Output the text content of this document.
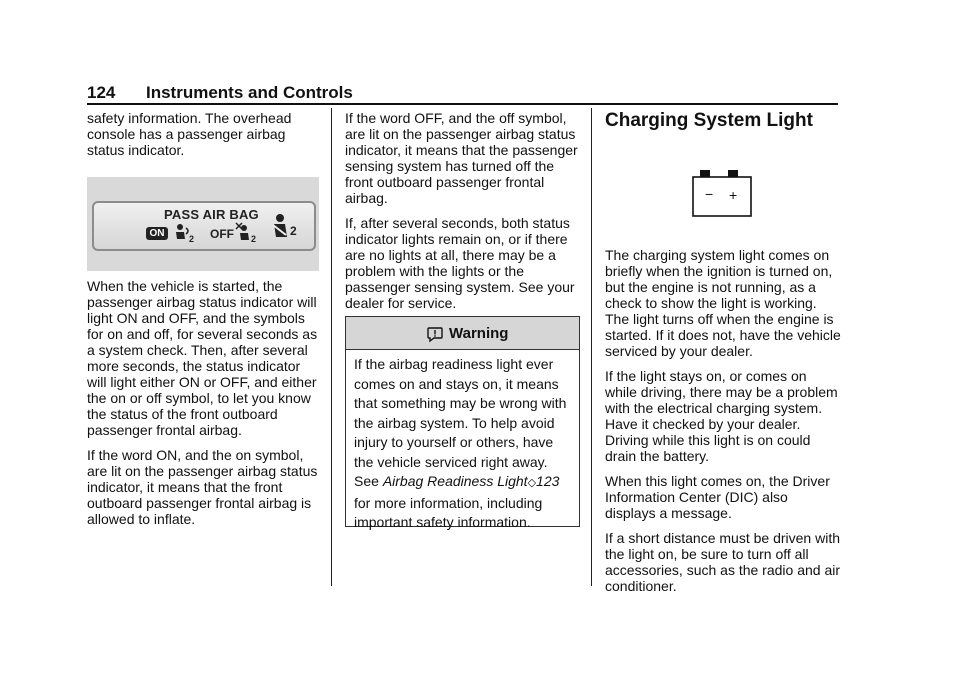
124 Instruments and Controls

safety information. The overhead console has a passenger airbag status indicator.

PASS AIR BAG
ON	2 OFF 2
2

When the vehicle is started, the passenger airbag status indicator will light ON and OFF, and the symbols for on and off, for several seconds as a system check. Then, after several more seconds, the status indicator will light either ON or OFF, and either the on or off symbol, to let you know the status of the front outboard passenger frontal airbag.

If the word ON, and the on symbol, are lit on the passenger airbag status indicator, it means that the front outboard passenger frontal airbag is allowed to inflate.

If the word OFF, and the off symbol, are lit on the passenger airbag status indicator, it means that the passenger sensing system has turned off the front outboard passenger frontal airbag.

If, after several seconds, both status indicator lights remain on, or if there are no lights at all, there may be a problem with the lights or the passenger sensing system. See your dealer for service.

Warning
If the airbag readiness light ever comes on and stays on, it means that something may be wrong with the airbag system. To help avoid injury to yourself or others, have the vehicle serviced right away. See Airbag Readiness Light◇123 for more information, including important safety information.
Charging System Light
− +

The charging system light comes on briefly when the ignition is turned on, but the engine is not running, as a check to show the light is working. The light turns off when the engine is started. If it does not, have the vehicle serviced by your dealer.

If the light stays on, or comes on while driving, there may be a problem with the electrical charging system. Have it checked by your dealer. Driving while this light is on could drain the battery.

When this light comes on, the Driver Information Center (DIC) also displays a message.

If a short distance must be driven with the light on, be sure to turn off all accessories, such as the radio and air conditioner.
